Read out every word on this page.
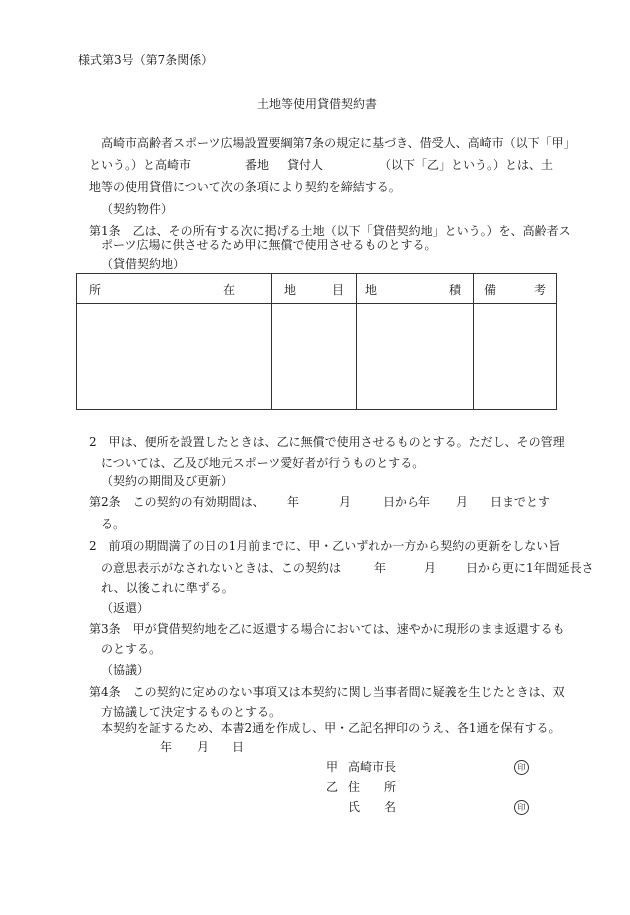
様式第3号（第7条関係）
土地等使用貸借契約書
高崎市高齢者スポーツ広場設置要綱第7条の規定に基づき、借受人、高崎市（以下「甲」
という。）と高崎市	番地 貸付人	（以下「乙」という。）とは、土
地等の使用貸借について次の条項により契約を締結する。
（契約物件）
第1条　乙は、その所有する次に掲げる土地（以下「貸借契約地」という。）を、高齢者ス
ポーツ広場に供させるため甲に無償で使用させるものとする。
（貸借契約地）
所 在	地 目	地 積	備 考

2　甲は、便所を設置したときは、乙に無償で使用させるものとする。ただし、その管理
については、乙及び地元スポーツ愛好者が行うものとする。
（契約の期間及び更新）
第2条　この契約の有効期間は、 年	月	日から
年 月 日までとす
る。
2　前項の期間満了の日の1月前までに、甲・乙いずれか一方から契約の更新をしない旨
の意思表示がなされないときは、この契約は	年	月 日から更に1年間延長さ
れ、以後これに準ずる。
（返還）
第3条　甲が貸借契約地を乙に返還する場合においては、速やかに現形のまま返還するも
のとする。
（協議）
第4条　この契約に定めのない事項又は本契約に関し当事者間に疑義を生じたときは、双
方協議して決定するものとする。
本契約を証するため、本書2通を作成し、甲・乙記名押印のうえ、各1通を保有する。
年 月 日
甲 高崎市長	印
乙 住　　所
氏　　名	印
